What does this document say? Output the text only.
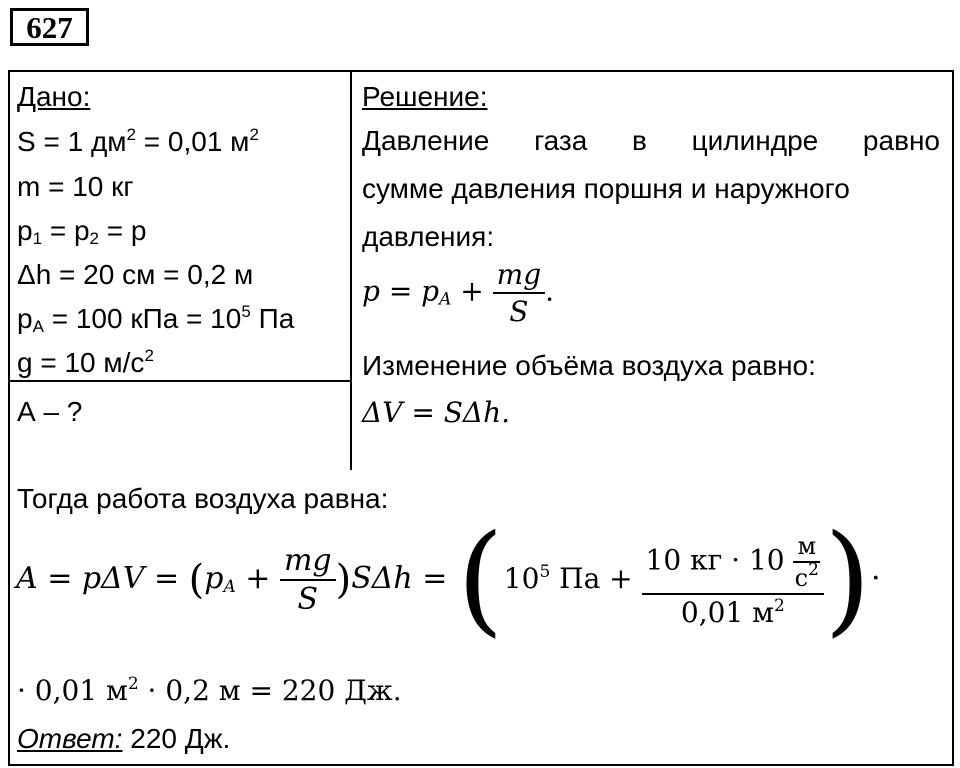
627
Дано:
S = 1 $дм^2 = 0,01$ $м^2$
m = 10 кг
$p_1 = p_2 = p$
Δh = 20 см = 0,2 м
$p_A = 100$ кПа = $10^5$ Па
g = 10 $м/с^2$
А – ?
Решение:
Давление газа в цилиндре равно
сумме давления поршня и наружного
давления:
$p = p_A + \frac{mg}{S}$ .
Изменение объёма воздуха равно:
ΔV = SΔh.
Тогда работа воздуха равна:
$A = p\Delta V = (p_A + \frac{mg}{S} )S\Delta h = (10^5$ Па + $\frac{10 кг \cdot 10 \frac{м}{с^2}}{0,01 м^2}$ )·
· 0,01 $м^2 \cdot 0,2$ м = 220 Дж.
Ответ: 220 Дж.
